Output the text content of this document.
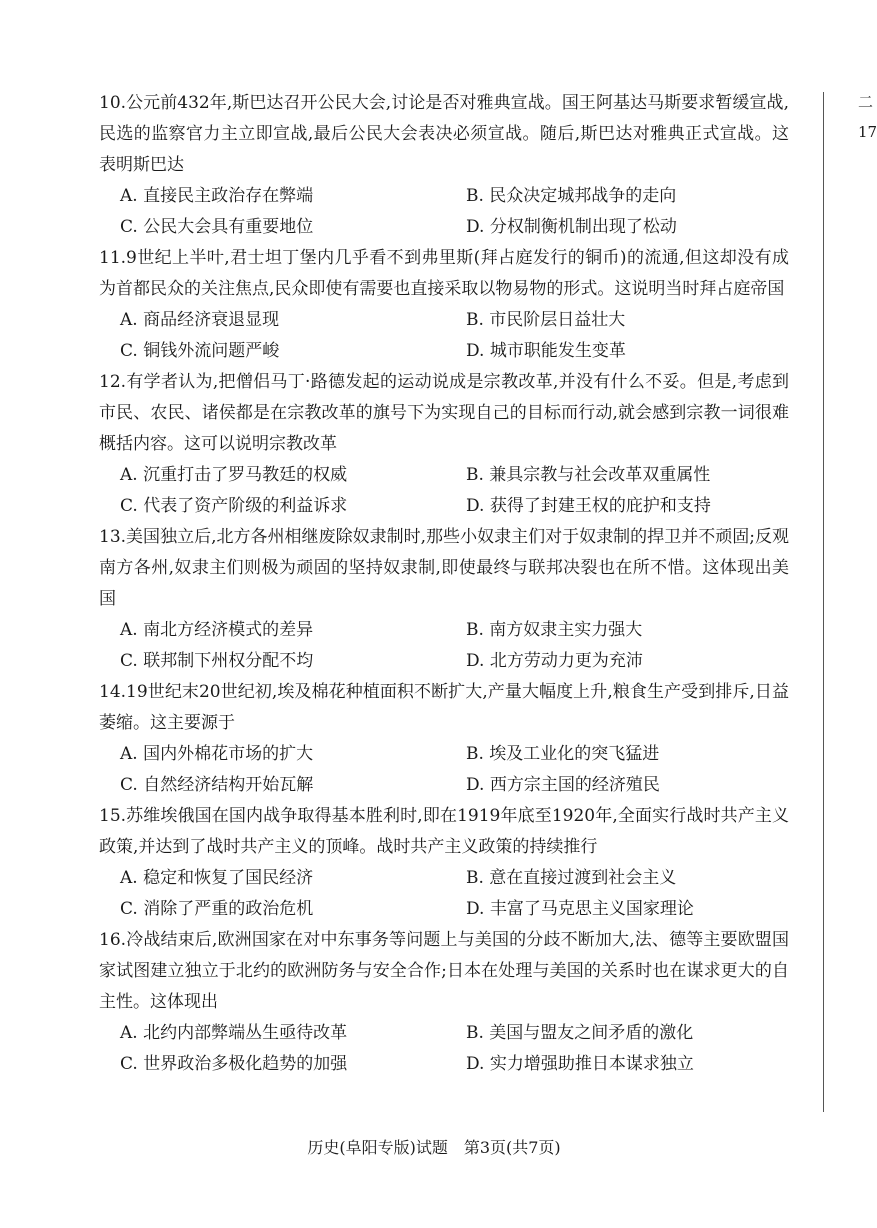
10.公元前432年,斯巴达召开公民大会,讨论是否对雅典宣战。国王阿基达马斯要求暂缓宣战,民选的监察官力主立即宣战,最后公民大会表决必须宣战。随后,斯巴达对雅典正式宣战。这表明斯巴达

A. 直接民主政治存在弊端	B. 民众决定城邦战争的走向
C. 公民大会具有重要地位	D. 分权制衡机制出现了松动

11.9世纪上半叶,君士坦丁堡内几乎看不到弗里斯(拜占庭发行的铜币)的流通,但这却没有成为首都民众的关注焦点,民众即使有需要也直接采取以物易物的形式。这说明当时拜占庭帝国

A. 商品经济衰退显现	B. 市民阶层日益壮大
C. 铜钱外流问题严峻	D. 城市职能发生变革

12.有学者认为,把僧侣马丁·路德发起的运动说成是宗教改革,并没有什么不妥。但是,考虑到市民、农民、诸侯都是在宗教改革的旗号下为实现自己的目标而行动,就会感到宗教一词很难概括内容。这可以说明宗教改革

A. 沉重打击了罗马教廷的权威	B. 兼具宗教与社会改革双重属性
C. 代表了资产阶级的利益诉求	D. 获得了封建王权的庇护和支持

13.美国独立后,北方各州相继废除奴隶制时,那些小奴隶主们对于奴隶制的捍卫并不顽固;反观南方各州,奴隶主们则极为顽固的坚持奴隶制,即使最终与联邦决裂也在所不惜。这体现出美国

A. 南北方经济模式的差异	B. 南方奴隶主实力强大
C. 联邦制下州权分配不均	D. 北方劳动力更为充沛

14.19世纪末20世纪初,埃及棉花种植面积不断扩大,产量大幅度上升,粮食生产受到排斥,日益萎缩。这主要源于

A. 国内外棉花市场的扩大	B. 埃及工业化的突飞猛进
C. 自然经济结构开始瓦解	D. 西方宗主国的经济殖民

15.苏维埃俄国在国内战争取得基本胜利时,即在1919年底至1920年,全面实行战时共产主义政策,并达到了战时共产主义的顶峰。战时共产主义政策的持续推行

A. 稳定和恢复了国民经济	B. 意在直接过渡到社会主义
C. 消除了严重的政治危机	D. 丰富了马克思主义国家理论

16.冷战结束后,欧洲国家在对中东事务等问题上与美国的分歧不断加大,法、德等主要欧盟国家试图建立独立于北约的欧洲防务与安全合作;日本在处理与美国的关系时也在谋求更大的自主性。这体现出

A. 北约内部弊端丛生亟待改革	B. 美国与盟友之间矛盾的激化
C. 世界政治多极化趋势的加强	D. 实力增强助推日本谋求独立
历史(阜阳专版)试题　第3页(共7页)
二
17
